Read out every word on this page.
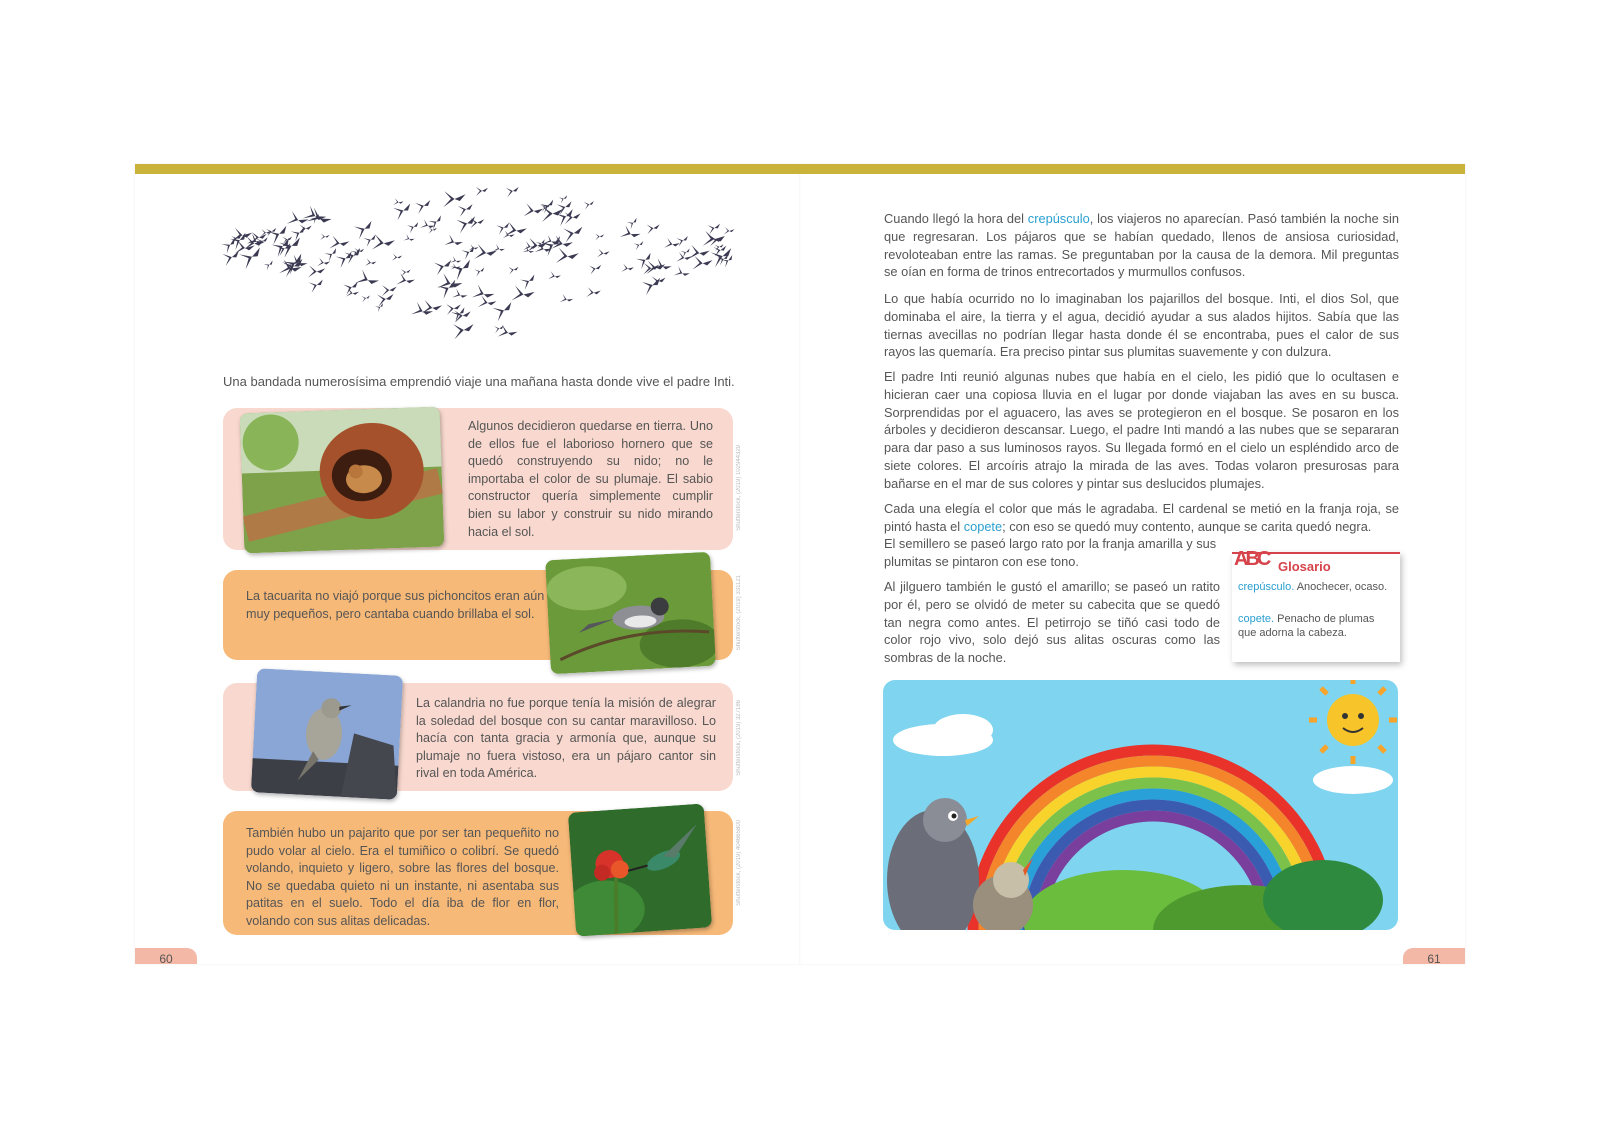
Una bandada numerosísima emprendió viaje una mañana hasta donde vive el padre Inti.

Algunos decidieron quedarse en tierra. Uno de ellos fue el laborioso hornero que se quedó construyendo su nido; no le importaba el color de su plumaje. El sabio constructor quería simplemente cumplir bien su labor y construir su nido mirando hacia el sol.

Shutterstock, (2019) 102944329

La tacuarita no viajó porque sus pichoncitos eran aún muy pequeños, pero cantaba cuando brillaba el sol.	Shutterstock, (2019) 331121

La calandria no fue porque tenía la misión de alegrar la soledad del bosque con su cantar maravilloso. Lo hacía con tanta gracia y armonía que, aunque su plumaje no fuera vistoso, era un pájaro cantor sin rival en toda América.	Shutterstock, (2019) 327186

También hubo un pajarito que por ser tan pequeñito no pudo volar al cielo. Era el tumiñico o colibrí. Se quedó volando, inquieto y ligero, sobre las flores del bosque. No se quedaba quieto ni un instante, ni asentaba sus patitas en el suelo. Todo el día iba de flor en flor, volando con sus alitas delicadas.

Shutterstock, (2019) 404665800
60

Cuando llegó la hora del crepúsculo, los viajeros no aparecían. Pasó también la noche sin que regresaran. Los pájaros que se habían quedado, llenos de ansiosa curiosidad, revoloteaban entre las ramas. Se preguntaban por la causa de la demora. Mil preguntas se oían en forma de trinos entrecortados y murmullos confusos.

Lo que había ocurrido no lo imaginaban los pajarillos del bosque. Inti, el dios Sol, que dominaba el aire, la tierra y el agua, decidió ayudar a sus alados hijitos. Sabía que las tiernas avecillas no podrían llegar hasta donde él se encontraba, pues el calor de sus rayos las quemaría. Era preciso pintar sus plumitas suavemente y con dulzura.

El padre Inti reunió algunas nubes que había en el cielo, les pidió que lo ocultasen e hicieran caer una copiosa lluvia en el lugar por donde viajaban las aves en su busca. Sorprendidas por el aguacero, las aves se protegieron en el bosque. Se posaron en los árboles y decidieron descansar. Luego, el padre Inti mandó a las nubes que se separaran para dar paso a sus luminosos rayos. Su llegada formó en el cielo un espléndido arco de siete colores. El arcoíris atrajo la mirada de las aves. Todas volaron presurosas para bañarse en el mar de sus colores y pintar sus deslucidos plumajes.

Cada una elegía el color que más le agradaba. El cardenal se metió en la franja roja, se pintó hasta el copete; con eso se quedó muy contento, aunque se carita quedó negra.

El semillero se paseó largo rato por la franja amarilla y sus plumitas se pintaron con ese tono.

Al jilguero también le gustó el amarillo; se paseó un ratito por él, pero se olvidó de meter su cabecita que se quedó tan negra como antes. El petirrojo se tiñó casi todo de color rojo vivo, solo dejó sus alitas oscuras como las sombras de la noche.

ABC Glosario
crepúsculo. Anochecer, ocaso.
copete. Penacho de plumas que adorna la cabeza.
61
